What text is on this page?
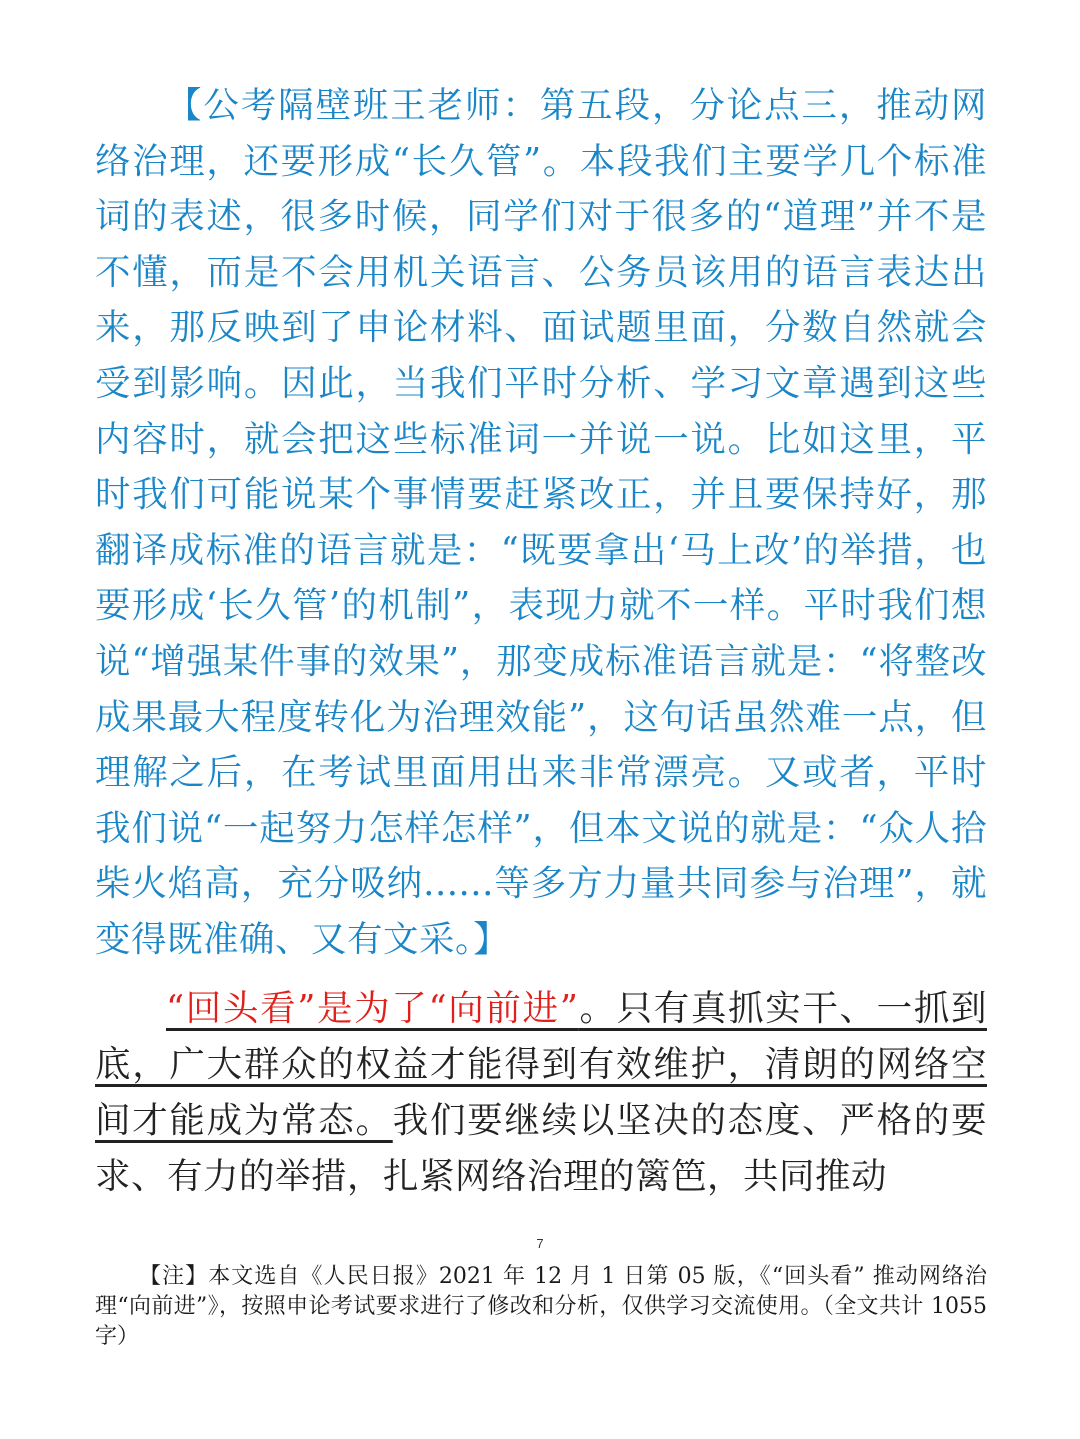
【公考隔壁班王老师：第五段，分论点三，推动网络治理，还要形成“长久管”。本段我们主要学几个标准词的表述，很多时候，同学们对于很多的“道理”并不是不懂，而是不会用机关语言、公务员该用的语言表达出来，那反映到了申论材料、面试题里面，分数自然就会受到影响。因此，当我们平时分析、学习文章遇到这些内容时，就会把这些标准词一并说一说。比如这里，平时我们可能说某个事情要赶紧改正，并且要保持好，那翻译成标准的语言就是：“既要拿出‘马上改’的举措，也要形成‘长久管’的机制”，表现力就不一样。平时我们想说“增强某件事的效果”，那变成标准语言就是：“将整改成果最大程度转化为治理效能”，这句话虽然难一点，但理解之后，在考试里面用出来非常漂亮。又或者，平时我们说“一起努力怎样怎样”，但本文说的就是：“众人拾柴火焰高，充分吸纳......等多方力量共同参与治理”，就变得既准确、又有文采。】

“回头看”是为了“向前进”。只有真抓实干、一抓到底，广大群众的权益才能得到有效维护，清朗的网络空间才能成为常态。我们要继续以坚决的态度、严格的要求、有力的举措，扎紧网络治理的篱笆，共同推动

7

【注】本文选自《人民日报》2021 年 12 月 1 日第 05 版，《“回头看” 推动网络治理“向前进”》，按照申论考试要求进行了修改和分析，仅供学习交流使用。（全文共计 1055 字）
